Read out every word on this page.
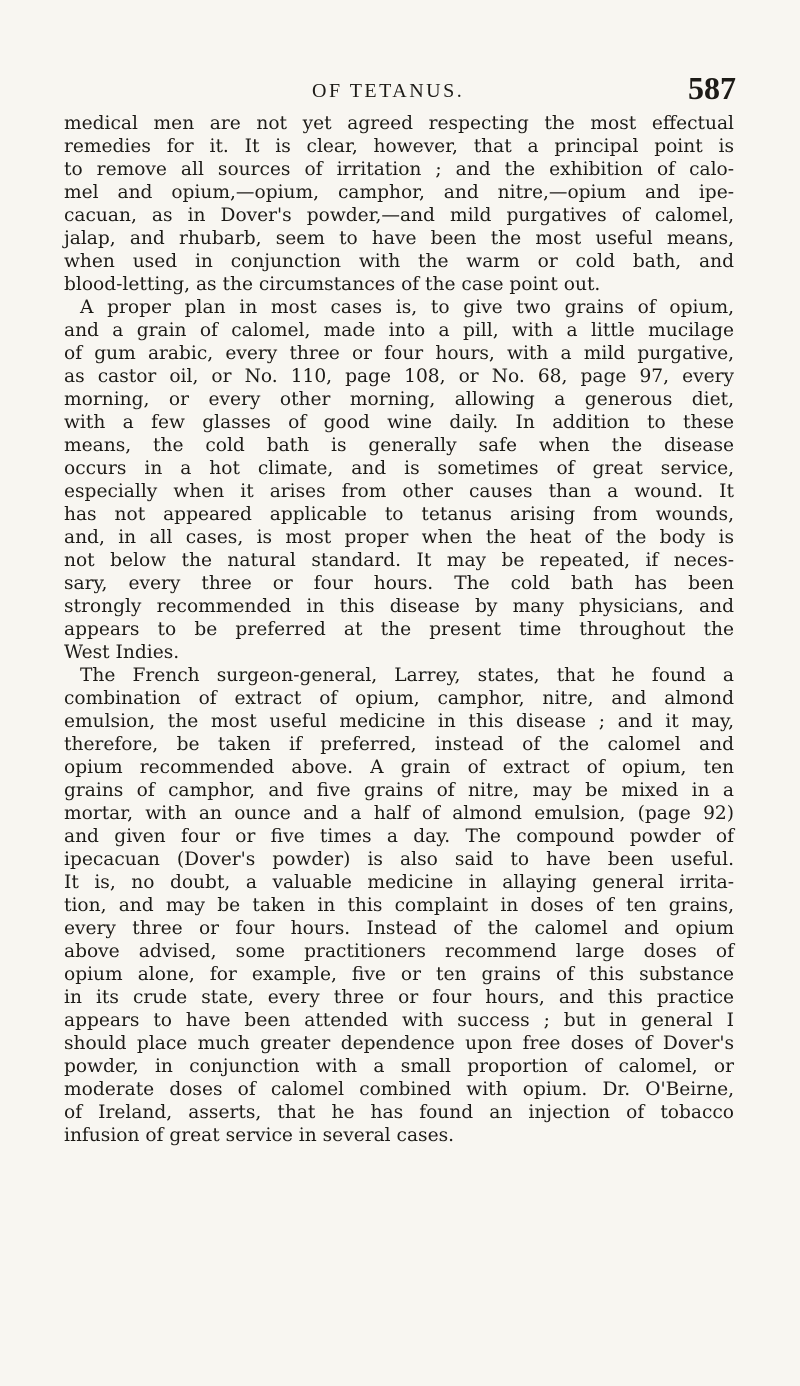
OF TETANUS.	587
medical men are not yet agreed respecting the most effectual
remedies for it. It is clear, however, that a principal point is
to remove all sources of irritation ; and the exhibition of calo-
mel and opium,—opium, camphor, and nitre,—opium and ipe-
cacuan, as in Dover's powder,—and mild purgatives of calomel,
jalap, and rhubarb, seem to have been the most useful means,
when used in conjunction with the warm or cold bath, and
blood-letting, as the circumstances of the case point out.
A proper plan in most cases is, to give two grains of opium,
and a grain of calomel, made into a pill, with a little mucilage
of gum arabic, every three or four hours, with a mild purgative,
as castor oil, or No. 110, page 108, or No. 68, page 97, every
morning, or every other morning, allowing a generous diet,
with a few glasses of good wine daily. In addition to these
means, the cold bath is generally safe when the disease
occurs in a hot climate, and is sometimes of great service,
especially when it arises from other causes than a wound. It
has not appeared applicable to tetanus arising from wounds,
and, in all cases, is most proper when the heat of the body is
not below the natural standard. It may be repeated, if neces-
sary, every three or four hours. The cold bath has been
strongly recommended in this disease by many physicians, and
appears to be preferred at the present time throughout the
West Indies.
The French surgeon-general, Larrey, states, that he found a
combination of extract of opium, camphor, nitre, and almond
emulsion, the most useful medicine in this disease ; and it may,
therefore, be taken if preferred, instead of the calomel and
opium recommended above. A grain of extract of opium, ten
grains of camphor, and five grains of nitre, may be mixed in a
mortar, with an ounce and a half of almond emulsion, (page 92)
and given four or five times a day. The compound powder of
ipecacuan (Dover's powder) is also said to have been useful.
It is, no doubt, a valuable medicine in allaying general irrita-
tion, and may be taken in this complaint in doses of ten grains,
every three or four hours. Instead of the calomel and opium
above advised, some practitioners recommend large doses of
opium alone, for example, five or ten grains of this substance
in its crude state, every three or four hours, and this practice
appears to have been attended with success ; but in general I
should place much greater dependence upon free doses of Dover's
powder, in conjunction with a small proportion of calomel, or
moderate doses of calomel combined with opium. Dr. O'Beirne,
of Ireland, asserts, that he has found an injection of tobacco
infusion of great service in several cases.
